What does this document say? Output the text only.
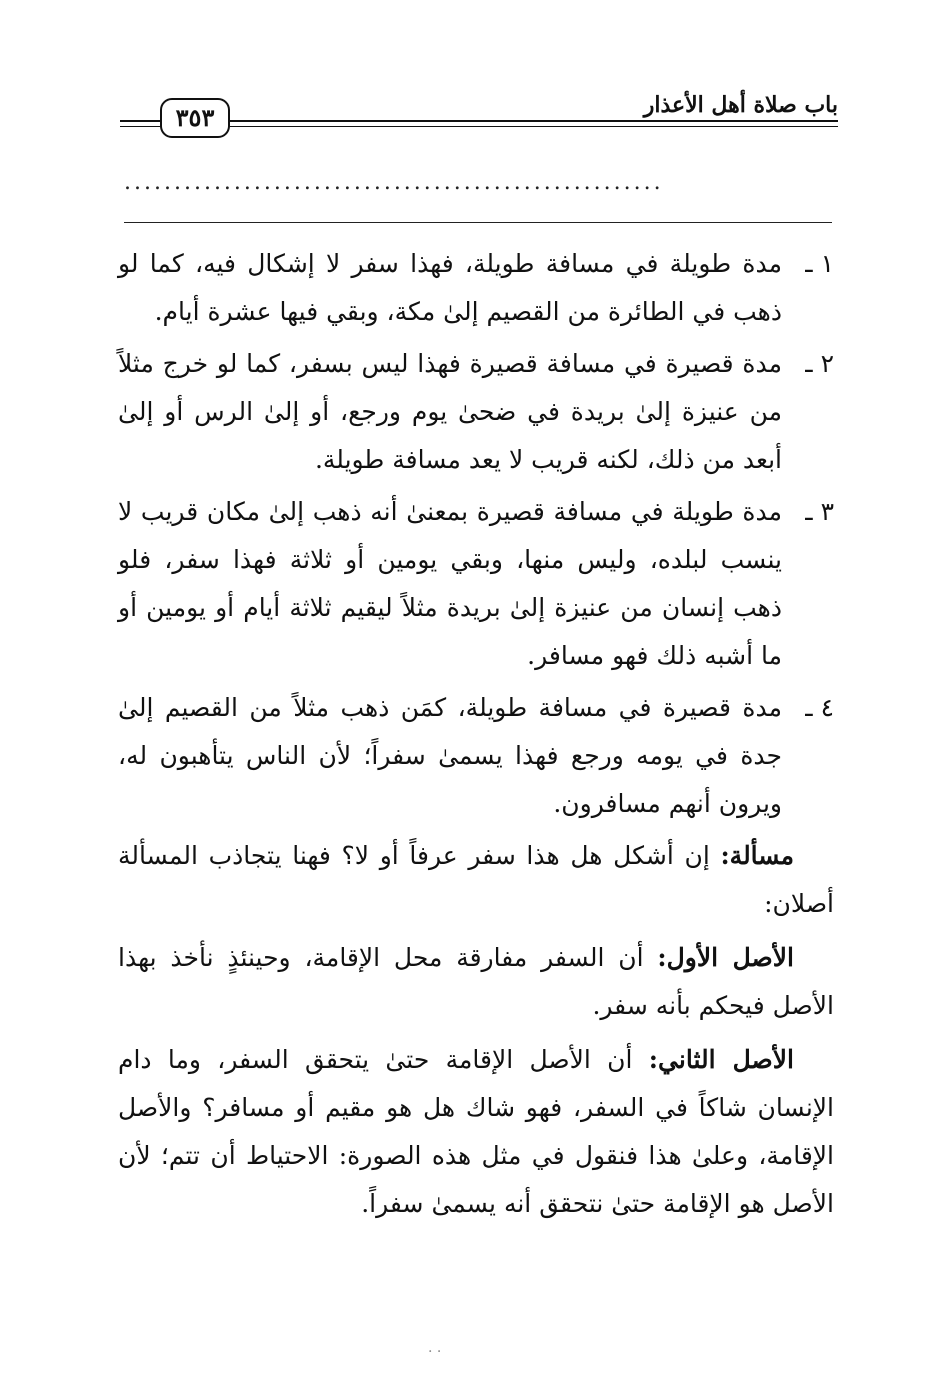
٣٥٣	باب صلاة أهل الأعذار
......................................................
١ ـ
مدة طويلة في مسافة طويلة، فهذا سفر لا إشكال فيه، كما لو ذهب في الطائرة من القصيم إلىٰ مكة، وبقي فيها عشرة أيام.
٢ ـ
مدة قصيرة في مسافة قصيرة فهذا ليس بسفر، كما لو خرج مثلاً من عنيزة إلىٰ بريدة في ضحىٰ يوم ورجع، أو إلىٰ الرس أو إلىٰ أبعد من ذلك، لكنه قريب لا يعد مسافة طويلة.
٣ ـ
مدة طويلة في مسافة قصيرة بمعنىٰ أنه ذهب إلىٰ مكان قريب لا ينسب لبلده، وليس منها، وبقي يومين أو ثلاثة فهذا سفر، فلو ذهب إنسان من عنيزة إلىٰ بريدة مثلاً ليقيم ثلاثة أيام أو يومين أو ما أشبه ذلك فهو مسافر.
٤ ـ
مدة قصيرة في مسافة طويلة، كمَن ذهب مثلاً من القصيم إلىٰ جدة في يومه ورجع فهذا يسمىٰ سفراً؛ لأن الناس يتأهبون له، ويرون أنهم مسافرون.

مسألة: إن أشكل هل هذا سفر عرفاً أو لا؟ فهنا يتجاذب المسألة أصلان:

الأصل الأول: أن السفر مفارقة محل الإقامة، وحينئذٍ نأخذ بهذا الأصل فيحكم بأنه سفر.

الأصل الثاني: أن الأصل الإقامة حتىٰ يتحقق السفر، وما دام الإنسان شاكاً في السفر، فهو شاك هل هو مقيم أو مسافر؟ والأصل الإقامة، وعلىٰ هذا فنقول في مثل هذه الصورة: الاحتياط أن تتم؛ لأن الأصل هو الإقامة حتىٰ نتحقق أنه يسمىٰ سفراً.

. .
